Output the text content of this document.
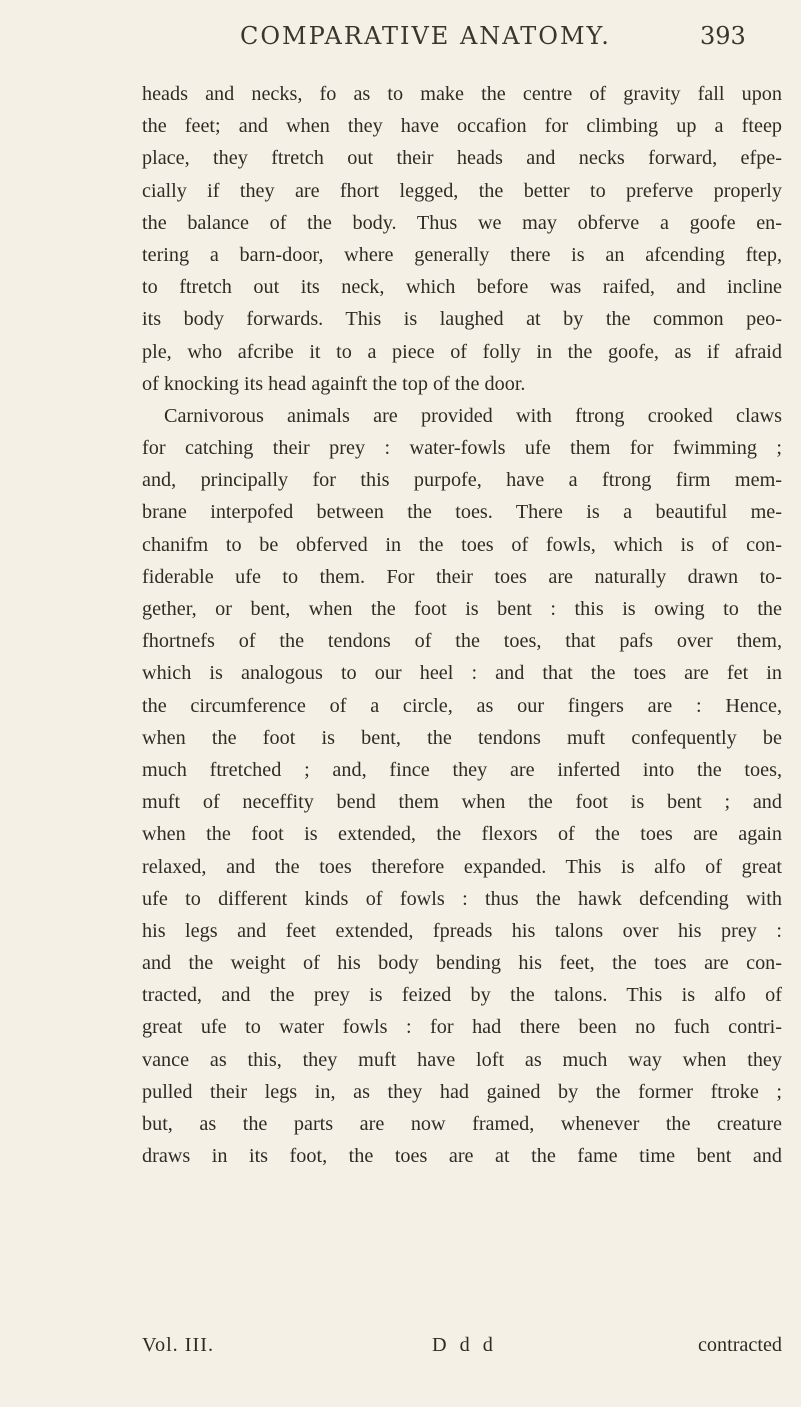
COMPARATIVE ANATOMY.	393
heads and necks, fo as to make the centre of gravity fall upon
the feet; and when they have occafion for climbing up a fteep
place, they ftretch out their heads and necks forward, efpe-
cially if they are fhort legged, the better to preferve properly
the balance of the body. Thus we may obferve a goofe en-
tering a barn-door, where generally there is an afcending ftep,
to ftretch out its neck, which before was raifed, and incline
its body forwards. This is laughed at by the common peo-
ple, who afcribe it to a piece of folly in the goofe, as if afraid
of knocking its head againft the top of the door.
Carnivorous animals are provided with ftrong crooked claws
for catching their prey : water-fowls ufe them for fwimming ;
and, principally for this purpofe, have a ftrong firm mem-
brane interpofed between the toes. There is a beautiful me-
chanifm to be obferved in the toes of fowls, which is of con-
fiderable ufe to them. For their toes are naturally drawn to-
gether, or bent, when the foot is bent : this is owing to the
fhortnefs of the tendons of the toes, that pafs over them,
which is analogous to our heel : and that the toes are fet in
the circumference of a circle, as our fingers are : Hence,
when the foot is bent, the tendons muft confequently be
much ftretched ; and, fince they are inferted into the toes,
muft of neceffity bend them when the foot is bent ; and
when the foot is extended, the flexors of the toes are again
relaxed, and the toes therefore expanded. This is alfo of great
ufe to different kinds of fowls : thus the hawk defcending with
his legs and feet extended, fpreads his talons over his prey :
and the weight of his body bending his feet, the toes are con-
tracted, and the prey is feized by the talons. This is alfo of
great ufe to water fowls : for had there been no fuch contri-
vance as this, they muft have loft as much way when they
pulled their legs in, as they had gained by the former ftroke ;
but, as the parts are now framed, whenever the creature
draws in its foot, the toes are at the fame time bent and
Vol. III.	D d d	contracted
